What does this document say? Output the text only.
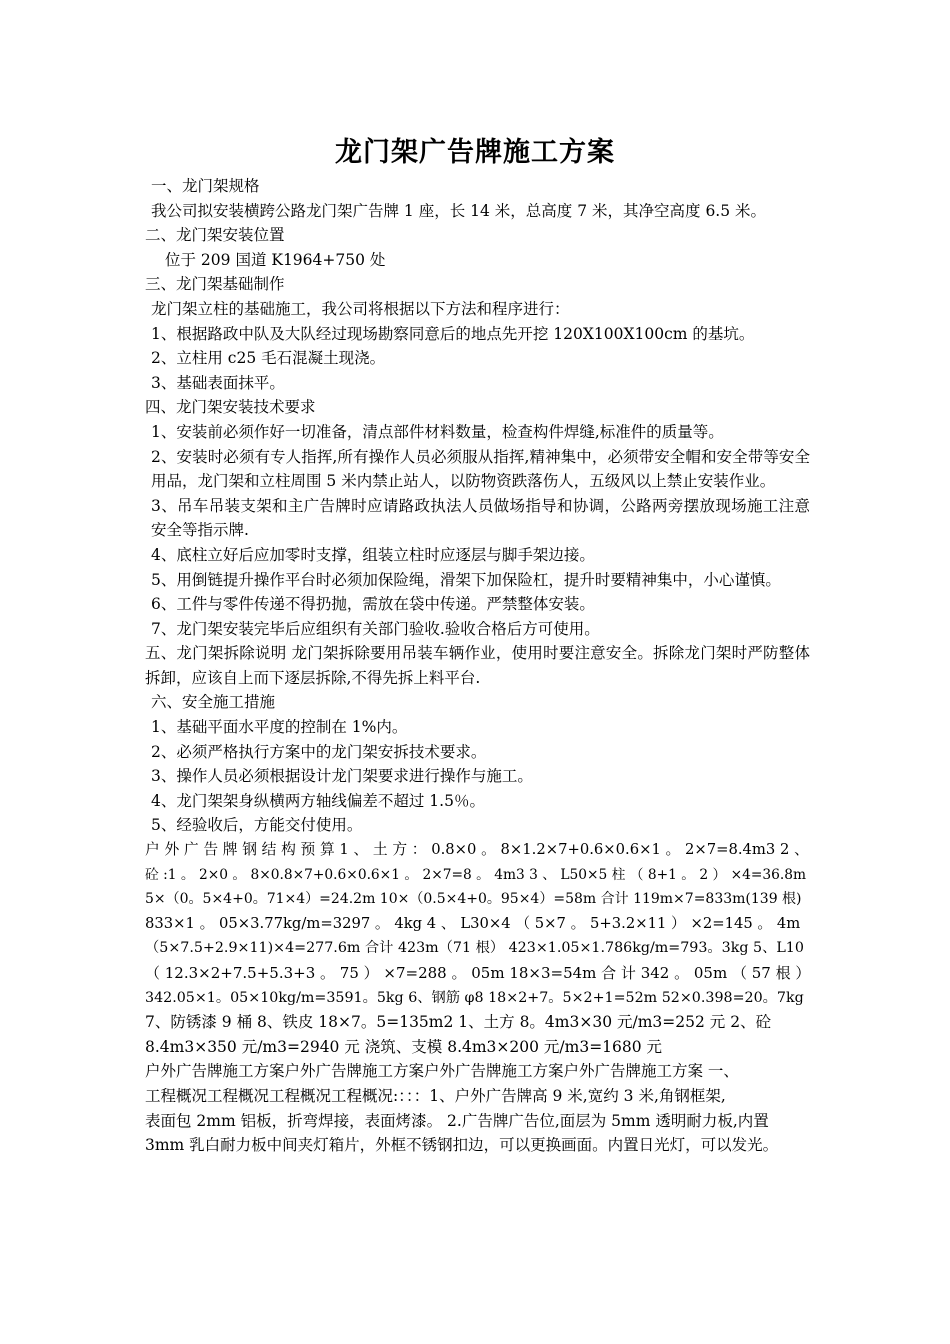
龙门架广告牌施工方案
一、龙门架规格
我公司拟安装横跨公路龙门架广告牌 1 座，长 14 米，总高度 7 米，其净空高度 6.5 米。
二、龙门架安装位置
位于 209 国道 K1964+750 处
三、龙门架基础制作
龙门架立柱的基础施工，我公司将根据以下方法和程序进行：
1、根据路政中队及大队经过现场勘察同意后的地点先开挖 120X100X100cm 的基坑。
2、立柱用 c25 毛石混凝土现浇。
3、基础表面抹平。
四、龙门架安装技术要求
1、安装前必须作好一切准备，清点部件材料数量，检查构件焊缝,标准件的质量等。
2、安装时必须有专人指挥,所有操作人员必须服从指挥,精神集中，必须带安全帽和安全带等安全用品，龙门架和立柱周围 5 米内禁止站人，以防物资跌落伤人，五级风以上禁止安装作业。
3、吊车吊装支架和主广告牌时应请路政执法人员做场指导和协调，公路两旁摆放现场施工注意安全等指示牌.
4、底柱立好后应加零时支撑，组装立柱时应逐层与脚手架边接。
5、用倒链提升操作平台时必须加保险绳，滑架下加保险杠，提升时要精神集中，小心谨慎。
6、工件与零件传递不得扔抛，需放在袋中传递。严禁整体安装。
7、龙门架安装完毕后应组织有关部门验收.验收合格后方可使用。
五、龙门架拆除说明 龙门架拆除要用吊装车辆作业，使用时要注意安全。拆除龙门架时严防整体拆卸，应该自上而下逐层拆除,不得先拆上料平台.
六、安全施工措施
1、基础平面水平度的控制在 1%内。
2、必须严格执行方案中的龙门架安拆技术要求。
3、操作人员必须根据设计龙门架要求进行操作与施工。
4、龙门架架身纵横两方轴线偏差不超过 1.5％。
5、经验收后，方能交付使用。
户 外 广 告 牌 钢 结 构 预 算 1 、 土 方 ： 0.8×0 。 8×1.2×7+0.6×0.6×1 。 2×7=8.4m3 2 、
砼 :1 。 2×0 。 8×0.8×7+0.6×0.6×1 。 2×7=8 。 4m3 3 、 L50×5 柱 （ 8+1 。 2 ） ×4=36.8m
5×（0。5×4+0。71×4）=24.2m 10×（0.5×4+0。95×4）=58m 合计 119m×7=833m(139 根)
833×1 。 05×3.77kg/m=3297 。 4kg 4 、 L30×4 （ 5×7 。 5+3.2×11 ） ×2=145 。 4m
（5×7.5+2.9×11)×4=277.6m 合计 423m（71 根） 423×1.05×1.786kg/m=793。3kg 5、L10
（ 12.3×2+7.5+5.3+3 。 75 ） ×7=288 。 05m 18×3=54m 合 计 342 。 05m （ 57 根 ）
342.05×1。05×10kg/m=3591。5kg 6、钢筋 φ8 18×2+7。5×2+1=52m 52×0.398=20。7kg
7、防锈漆 9 桶 8、铁皮 18×7。5=135m2 1、土方 8。4m3×30 元/m3=252 元 2、砼
8.4m3×350 元/m3=2940 元 浇筑、支模 8.4m3×200 元/m3=1680 元
户外广告牌施工方案户外广告牌施工方案户外广告牌施工方案户外广告牌施工方案 一、
工程概况工程概况工程概况工程概况:：：：1、户外广告牌高 9 米,宽约 3 米,角钢框架,
表面包 2mm 铝板，折弯焊接，表面烤漆。 2.广告牌广告位,面层为 5mm 透明耐力板,内置
3mm 乳白耐力板中间夹灯箱片，外框不锈钢扣边，可以更换画面。内置日光灯，可以发光。
